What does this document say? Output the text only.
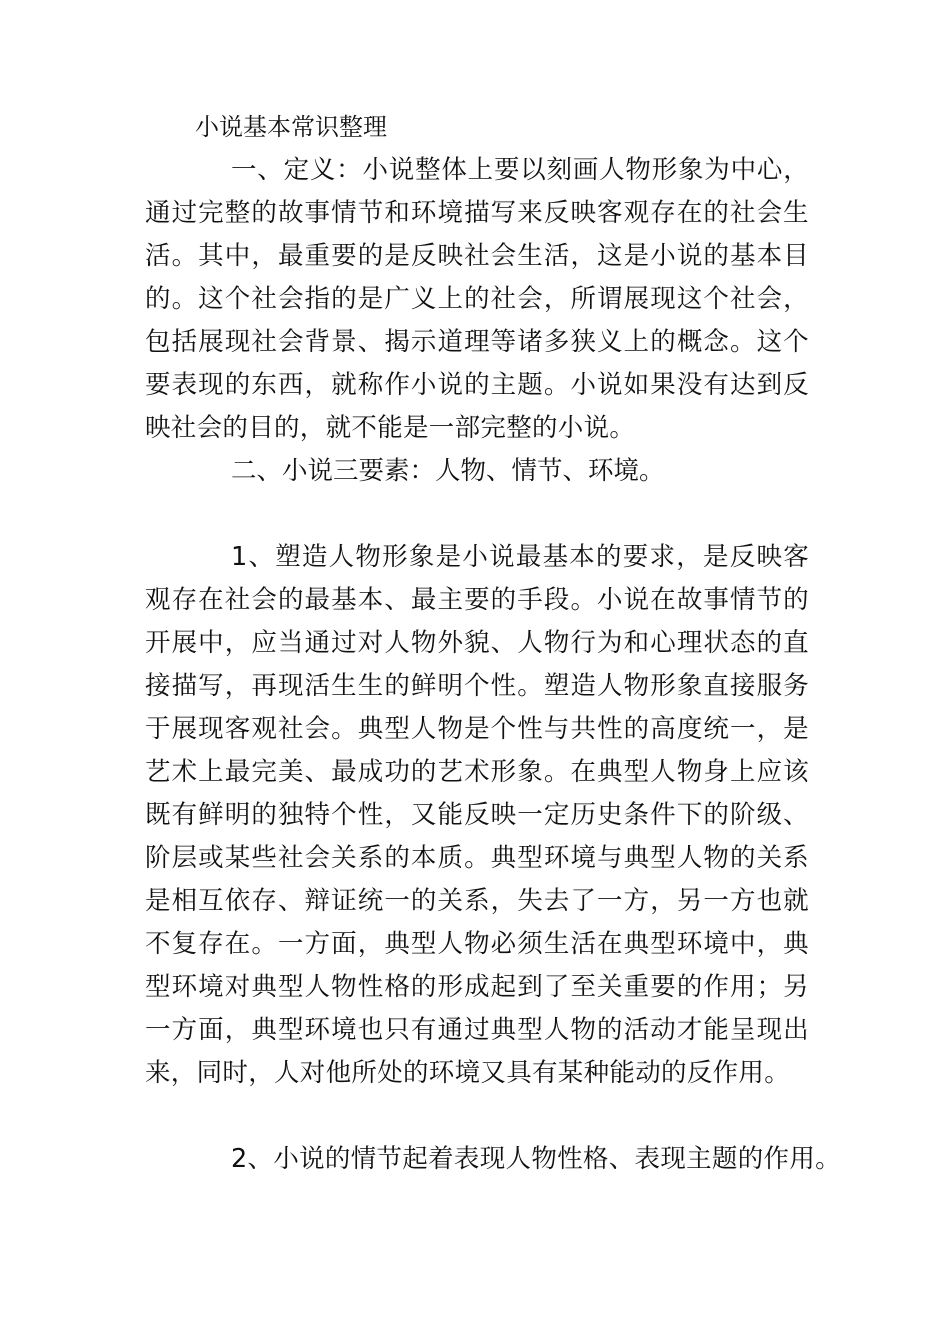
小说基本常识整理

一、定义：小说整体上要以刻画人物形象为中心，通过完整的故事情节和环境描写来反映客观存在的社会生活。其中，最重要的是反映社会生活，这是小说的基本目的。这个社会指的是广义上的社会，所谓展现这个社会，包括展现社会背景、揭示道理等诸多狭义上的概念。这个要表现的东西，就称作小说的主题。小说如果没有达到反映社会的目的，就不能是一部完整的小说。

二、小说三要素：人物、情节、环境。

1、塑造人物形象是小说最基本的要求，是反映客观存在社会的最基本、最主要的手段。小说在故事情节的开展中，应当通过对人物外貌、人物行为和心理状态的直接描写，再现活生生的鲜明个性。塑造人物形象直接服务于展现客观社会。典型人物是个性与共性的高度统一，是艺术上最完美、最成功的艺术形象。在典型人物身上应该既有鲜明的独特个性，又能反映一定历史条件下的阶级、阶层或某些社会关系的本质。典型环境与典型人物的关系是相互依存、辩证统一的关系，失去了一方，另一方也就不复存在。一方面，典型人物必须生活在典型环境中，典型环境对典型人物性格的形成起到了至关重要的作用；另一方面，典型环境也只有通过典型人物的活动才能呈现出来，同时，人对他所处的环境又具有某种能动的反作用。

2、小说的情节起着表现人物性格、表现主题的作用。
